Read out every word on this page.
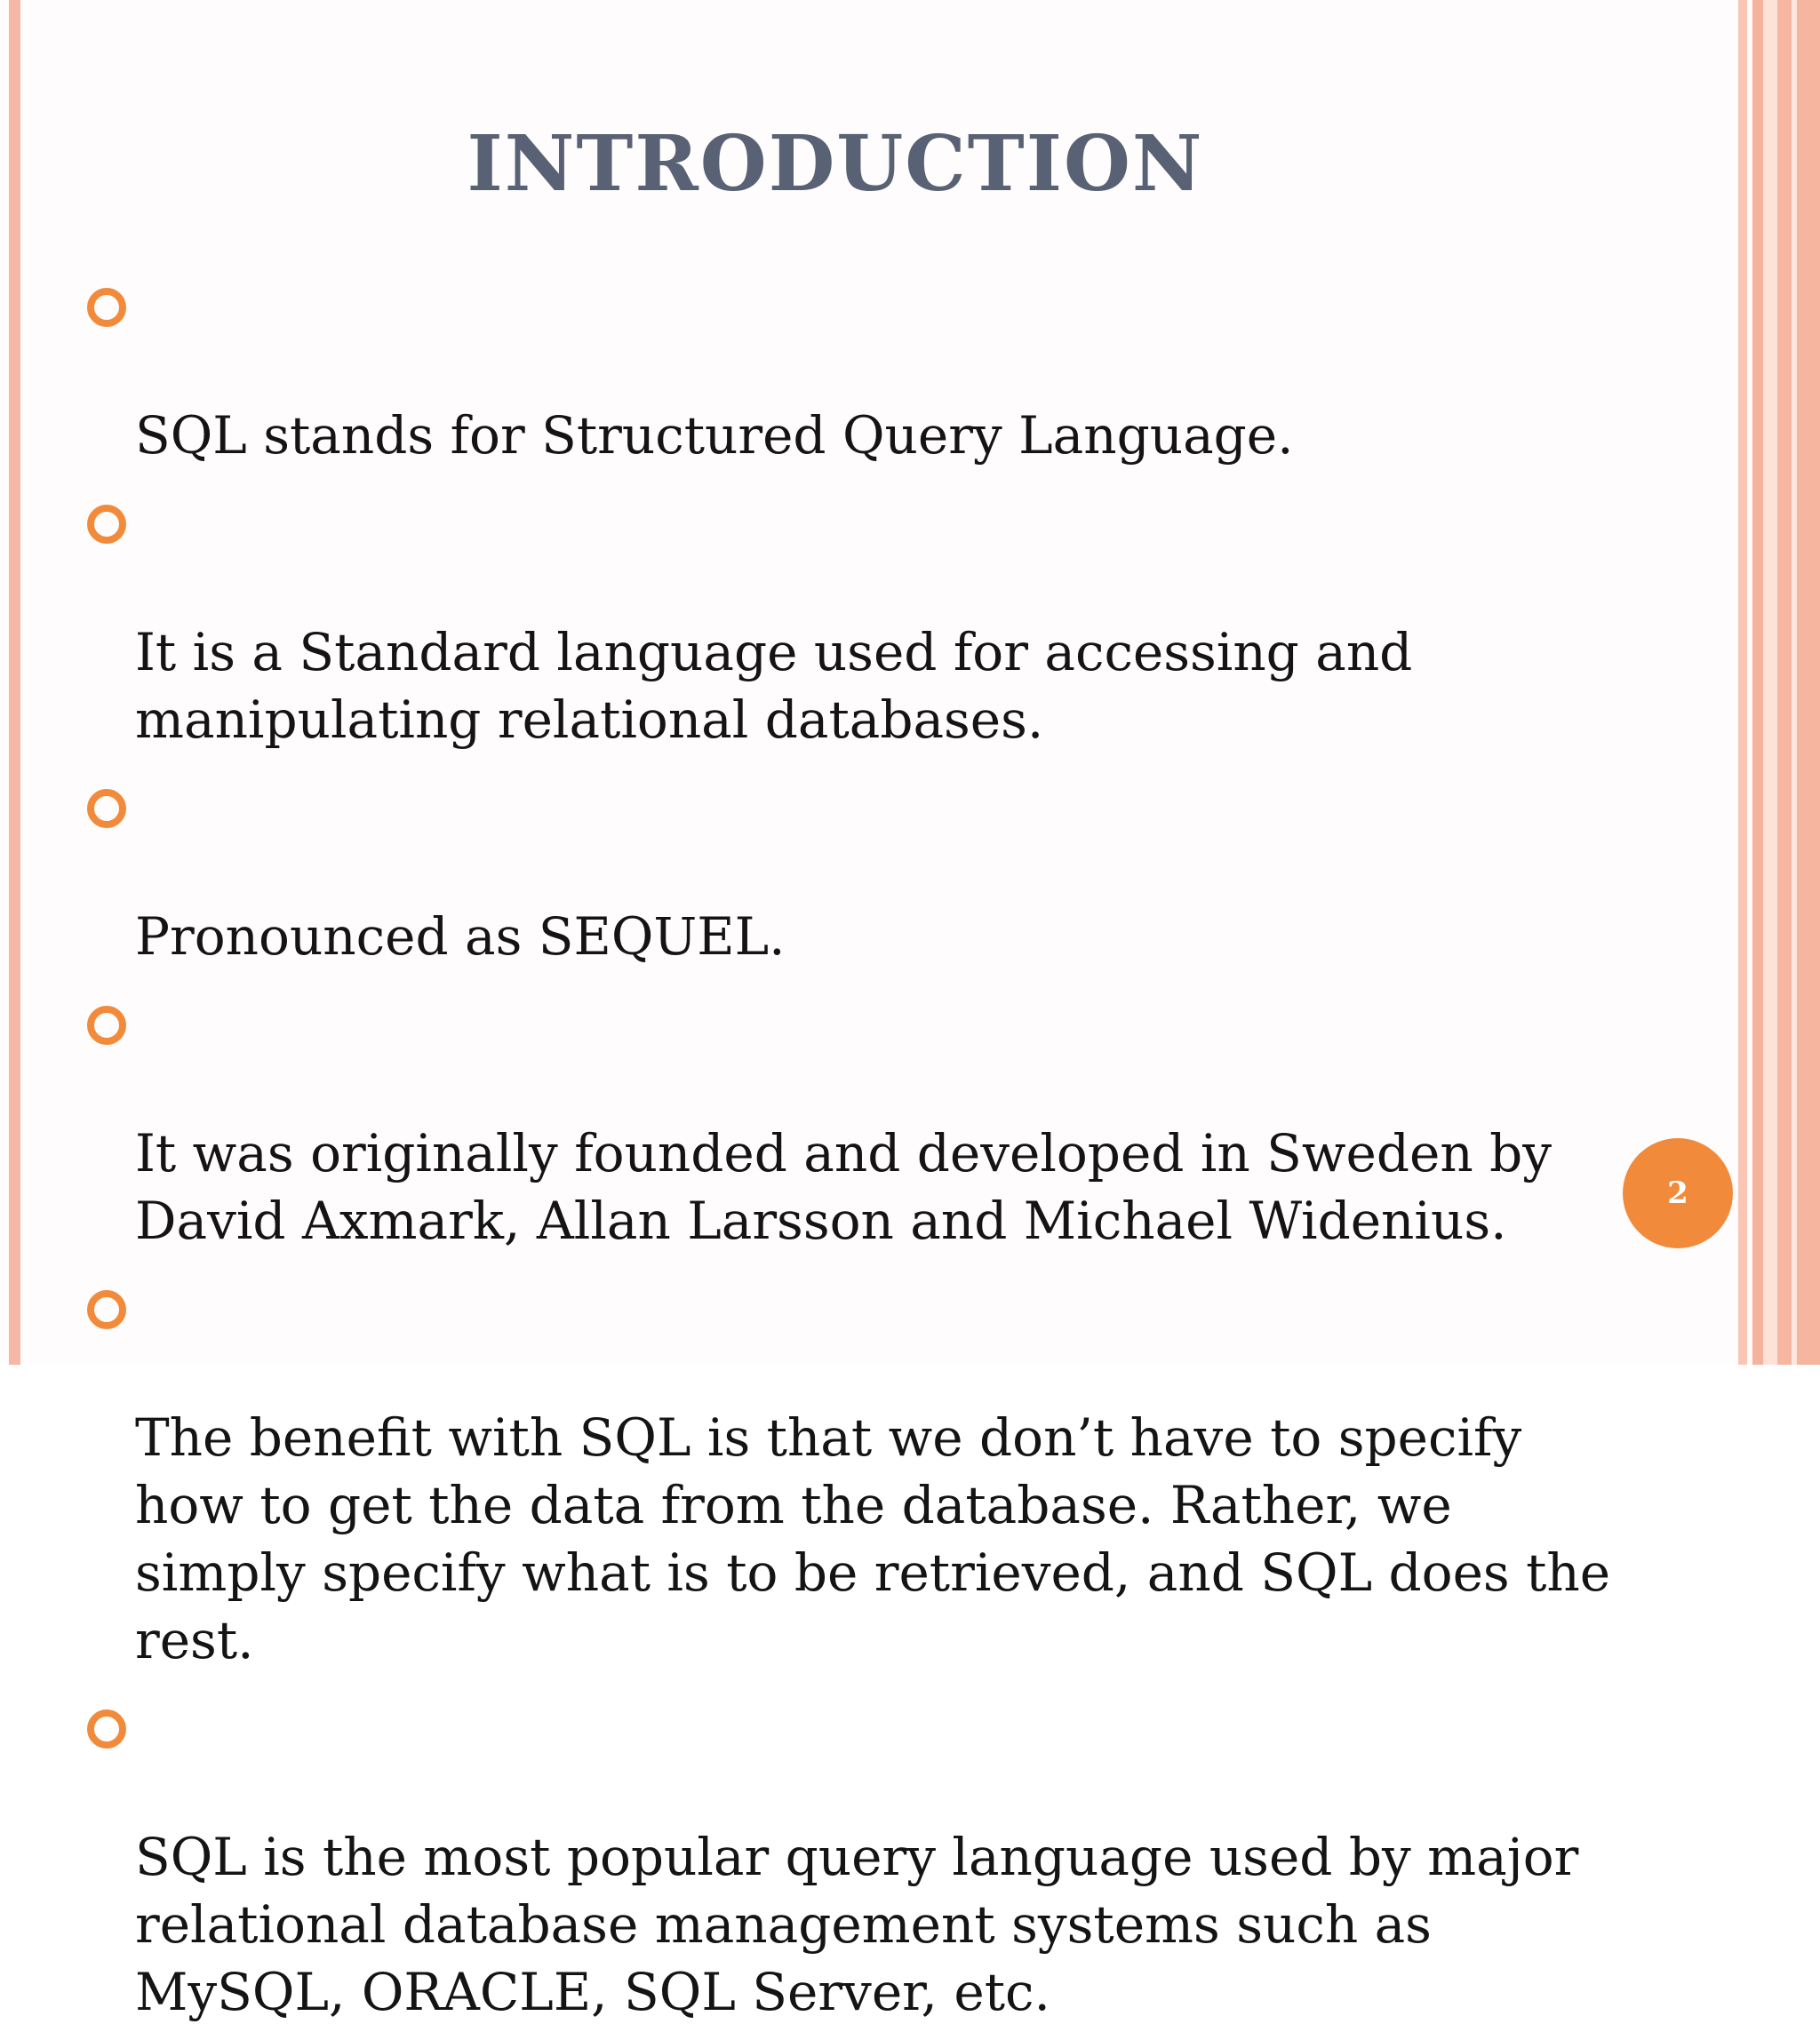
INTRODUCTION

SQL stands for Structured Query Language.

It is a Standard language used for accessing and
manipulating relational databases.

Pronounced as SEQUEL.

It was originally founded and developed in Sweden by
David Axmark, Allan Larsson and Michael Widenius.

The benefit with SQL is that we don’t have to specify
how to get the data from the database. Rather, we
simply specify what is to be retrieved, and SQL does the
rest.

SQL is the most popular query language used by major
relational database management systems such as
MySQL, ORACLE, SQL Server, etc.

2
